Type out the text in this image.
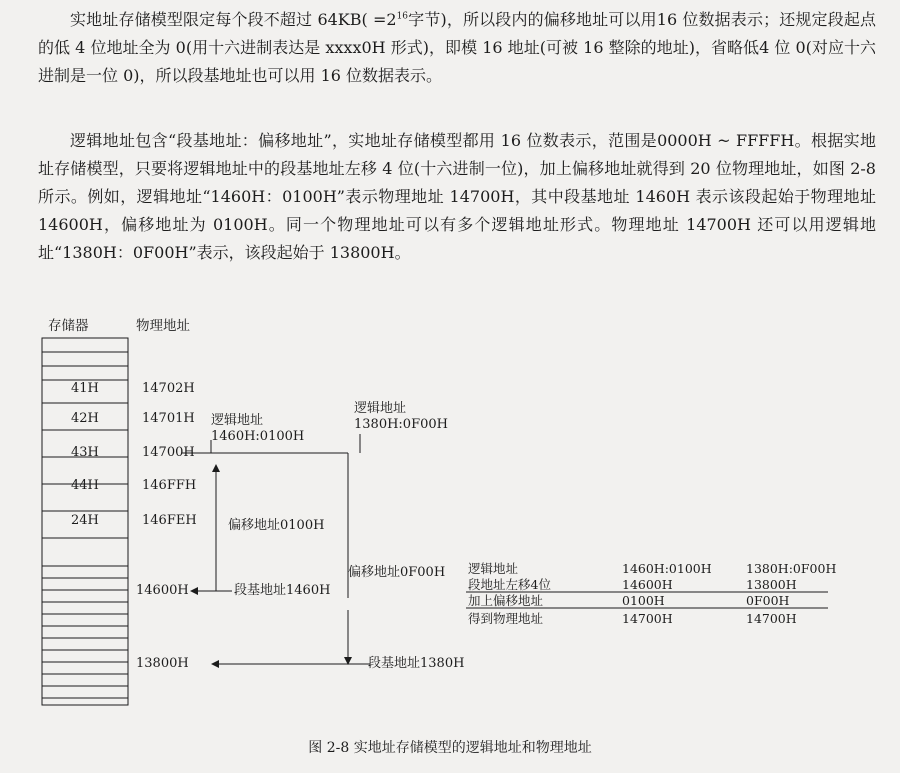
实地址存储模型限定每个段不超过 $64KB( =2^{16}$字节)，所以段内的偏移地址可以用16 位数据表示；还规定段起点的低 4 位地址全为 0(用十六进制表达是 xxxx0H 形式)，即模 16 地址(可被 16 整除的地址)，省略低4 位 0(对应十六进制是一位 0)，所以段基地址也可以用 16 位数据表示。

逻辑地址包含“段基地址：偏移地址”，实地址存储模型都用 16 位数表示，范围是0000H ~ FFFFH。根据实地址存储模型，只要将逻辑地址中的段基地址左移 4 位(十六进制一位)，加上偏移地址就得到 20 位物理地址，如图 2-8 所示。例如，逻辑地址“1460H：0100H”表示物理地址 14700H，其中段基地址 1460H 表示该段起始于物理地址 14600H，偏移地址为 0100H。同一个物理地址可以有多个逻辑地址形式。物理地址 14700H 还可以用逻辑地址“1380H：0F00H”表示，该段起始于 13800H。

存储器	物理地址
41H	14702H
42H	14701H
43H	14700H
44H	146FFH
24H	146FEH
14600H
13800H
逻辑地址
1460H:0100H
逻辑地址
1380H:0F00H
偏移地址0100H
偏移地址0F00H
段基地址1460H
段基地址1380H
逻辑地址	1460H:0100H	1380H:0F00H
段地址左移4位	14600H	13800H
加上偏移地址	0100H	0F00H
得到物理地址	14700H	14700H
图 2-8 实地址存储模型的逻辑地址和物理地址
